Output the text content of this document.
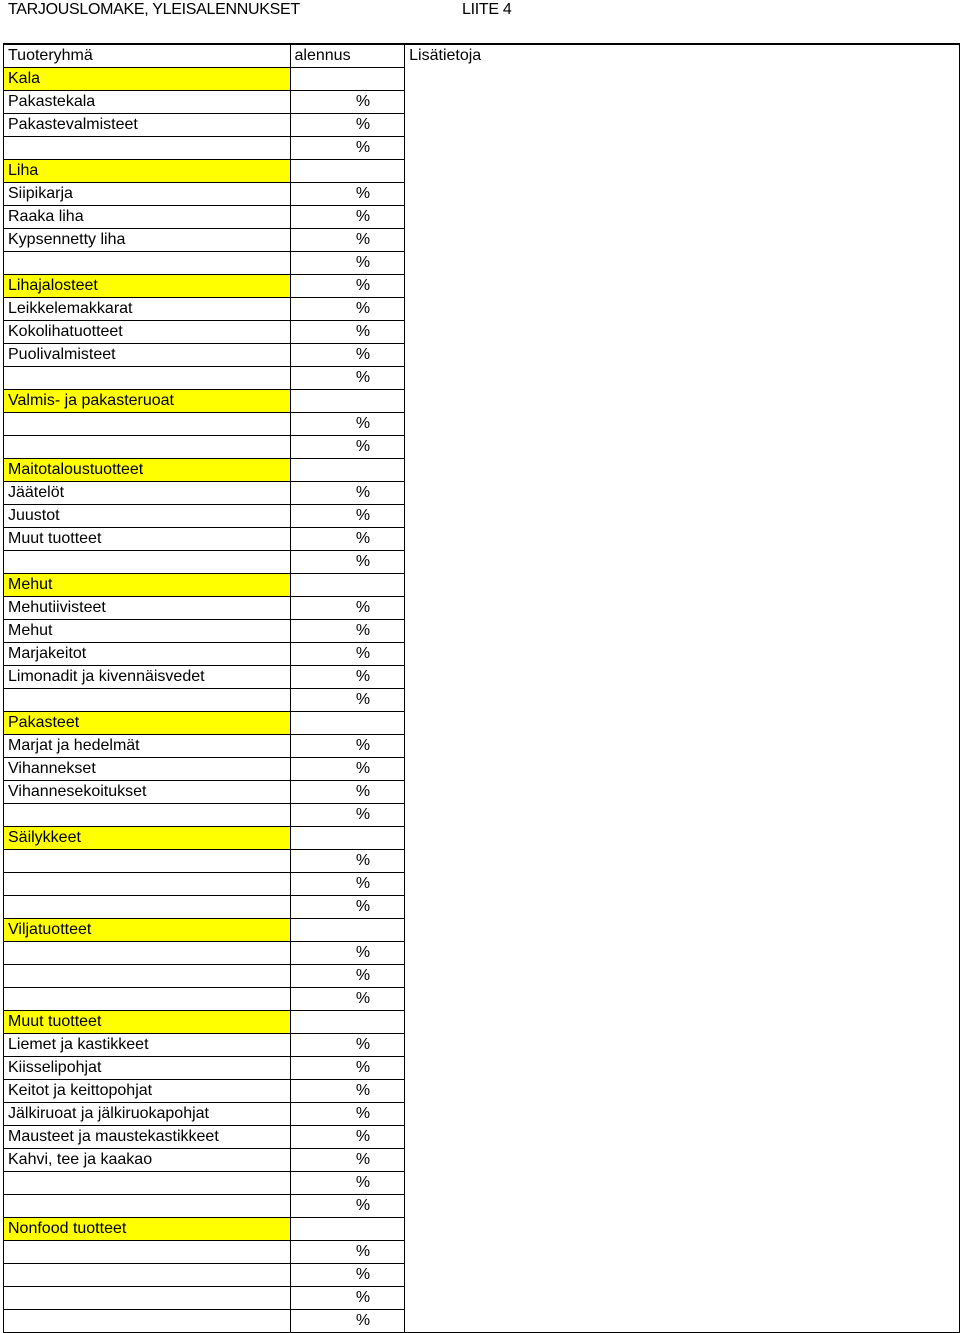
TARJOUSLOMAKE, YLEISALENNUKSET	LIITE 4
Tuoteryhmä	alennus	Lisätietoja
Kala		
Pakastekala	%	
Pakastevalmisteet	%	
	%	
Liha		
Siipikarja	%	
Raaka liha	%	
Kypsennetty liha	%	
	%	
Lihajalosteet	%	
Leikkelemakkarat	%	
Kokolihatuotteet	%	
Puolivalmisteet	%	
	%	
Valmis- ja pakasteruoat		
	%	
	%	
Maitotaloustuotteet		
Jäätelöt	%	
Juustot	%	
Muut tuotteet	%	
	%	
Mehut		
Mehutiivisteet	%	
Mehut	%	
Marjakeitot	%	
Limonadit ja kivennäisvedet	%	
	%	
Pakasteet		
Marjat ja hedelmät	%	
Vihannekset	%	
Vihannesekoitukset	%	
	%	
Säilykkeet		
	%	
	%	
	%	
Viljatuotteet		
	%	
	%	
	%	
Muut tuotteet		
Liemet ja kastikkeet	%	
Kiisselipohjat	%	
Keitot ja keittopohjat	%	
Jälkiruoat ja jälkiruokapohjat	%	
Mausteet ja maustekastikkeet	%	
Kahvi, tee ja kaakao	%	
	%	
	%	
Nonfood tuotteet		
	%	
	%	
	%	
	%	
